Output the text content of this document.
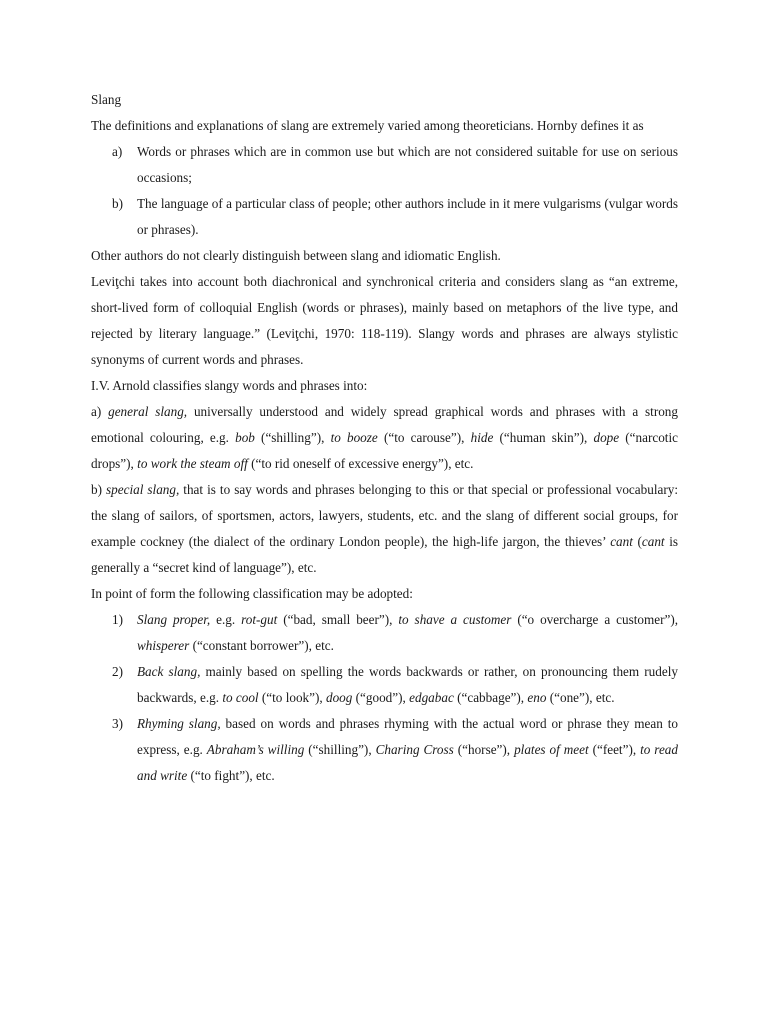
Slang

The definitions and explanations of slang are extremely varied among theoreticians. Hornby defines it as

a) Words or phrases which are in common use but which are not considered suitable for use on serious occasions;
b) The language of a particular class of people; other authors include in it mere vulgarisms (vulgar words or phrases).

Other authors do not clearly distinguish between slang and idiomatic English.

Leviţchi takes into account both diachronical and synchronical criteria and considers slang as “an extreme, short-lived form of colloquial English (words or phrases), mainly based on metaphors of the live type, and rejected by literary language.” (Leviţchi, 1970: 118-119). Slangy words and phrases are always stylistic synonyms of current words and phrases.

I.V. Arnold classifies slangy words and phrases into:

a) general slang, universally understood and widely spread graphical words and phrases with a strong emotional colouring, e.g. bob (“shilling”), to booze (“to carouse”), hide (“human skin”), dope (“narcotic drops”), to work the steam off (“to rid oneself of excessive energy”), etc.

b) special slang, that is to say words and phrases belonging to this or that special or professional vocabulary: the slang of sailors, of sportsmen, actors, lawyers, students, etc. and the slang of different social groups, for example cockney (the dialect of the ordinary London people), the high-life jargon, the thieves’ cant (cant is generally a “secret kind of language”), etc.

In point of form the following classification may be adopted:

1) Slang proper, e.g. rot-gut (“bad, small beer”), to shave a customer (“o overcharge a customer”), whisperer (“constant borrower”), etc.
2) Back slang, mainly based on spelling the words backwards or rather, on pronouncing them rudely backwards, e.g. to cool (“to look”), doog (“good”), edgabac (“cabbage”), eno (“one”), etc.
3) Rhyming slang, based on words and phrases rhyming with the actual word or phrase they mean to express, e.g. Abraham’s willing (“shilling”), Charing Cross (“horse”), plates of meet (“feet”), to read and write (“to fight”), etc.
